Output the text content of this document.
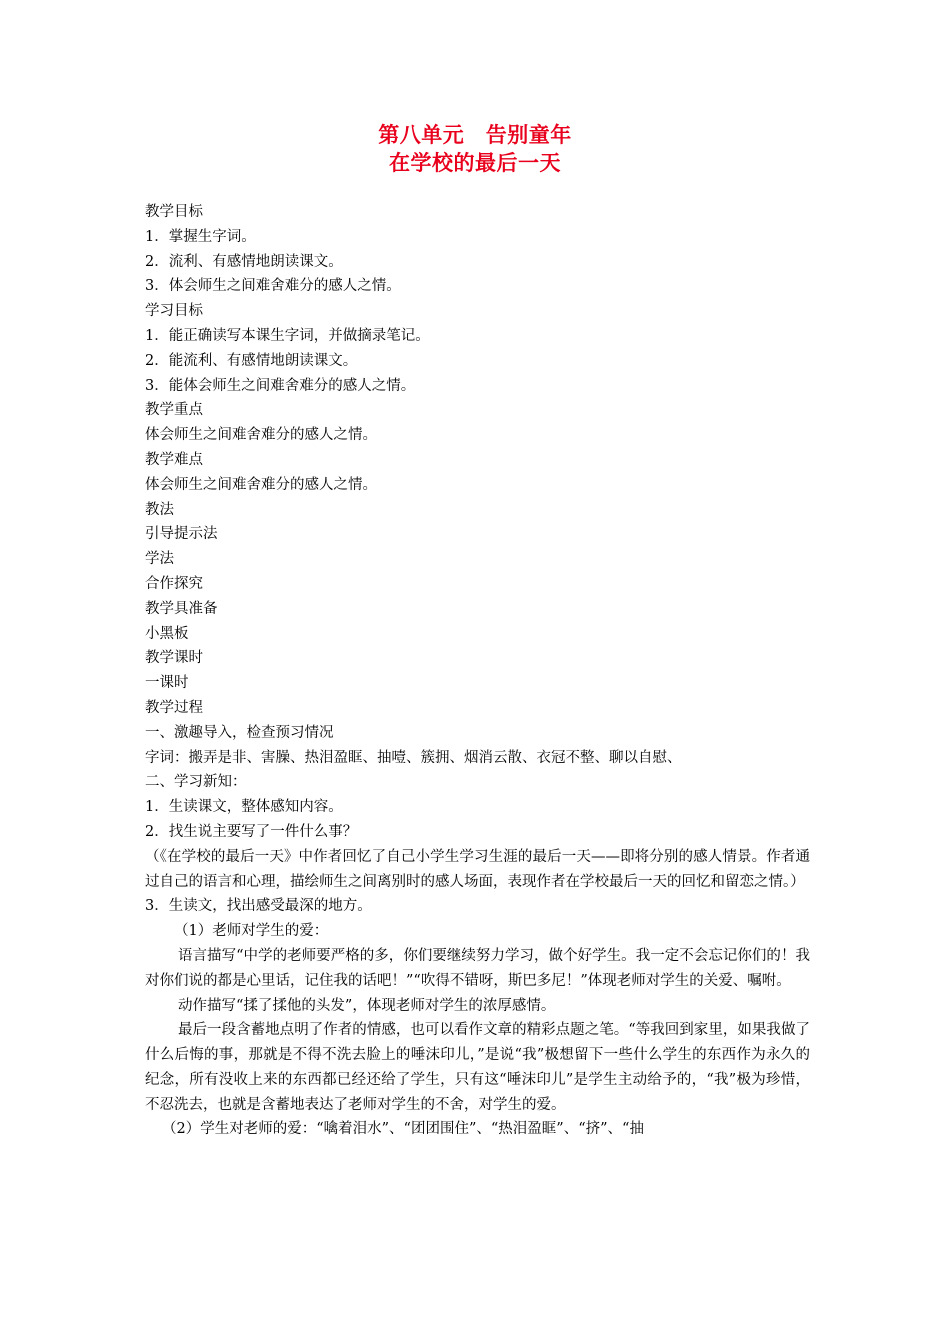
第八单元　告别童年
在学校的最后一天
教学目标
1．掌握生字词。
2．流利、有感情地朗读课文。
3．体会师生之间难舍难分的感人之情。
学习目标
1．能正确读写本课生字词，并做摘录笔记。
2．能流利、有感情地朗读课文。
3．能体会师生之间难舍难分的感人之情。
教学重点
体会师生之间难舍难分的感人之情。
教学难点
体会师生之间难舍难分的感人之情。
教法
引导提示法
学法
合作探究
教学具准备
小黑板
教学课时
一课时
教学过程
一、激趣导入，检查预习情况
字词：搬弄是非、害臊、热泪盈眶、抽噎、簇拥、烟消云散、衣冠不整、聊以自慰、
二、学习新知：
1．生读课文，整体感知内容。
2．找生说主要写了一件什么事？
（《在学校的最后一天》中作者回忆了自己小学生学习生涯的最后一天——即将分别的感人情景。作者通过自己的语言和心理，描绘师生之间离别时的感人场面，表现作者在学校最后一天的回忆和留恋之情。）
3．生读文，找出感受最深的地方。
（1）老师对学生的爱：
语言描写“中学的老师要严格的多，你们要继续努力学习，做个好学生。我一定不会忘记你们的！我对你们说的都是心里话，记住我的话吧！”“吹得不错呀，斯巴多尼！”体现老师对学生的关爱、嘱咐。
动作描写“揉了揉他的头发”，体现老师对学生的浓厚感情。
最后一段含蓄地点明了作者的情感，也可以看作文章的精彩点题之笔。“等我回到家里，如果我做了什么后悔的事，那就是不得不洗去脸上的唾沫印儿，”是说“我”极想留下一些什么学生的东西作为永久的纪念，所有没收上来的东西都已经还给了学生，只有这“唾沫印儿”是学生主动给予的，“我”极为珍惜，不忍洗去，也就是含蓄地表达了老师对学生的不舍，对学生的爱。
（2）学生对老师的爱：“噙着泪水”、“团团围住”、“热泪盈眶”、“挤”、“抽
